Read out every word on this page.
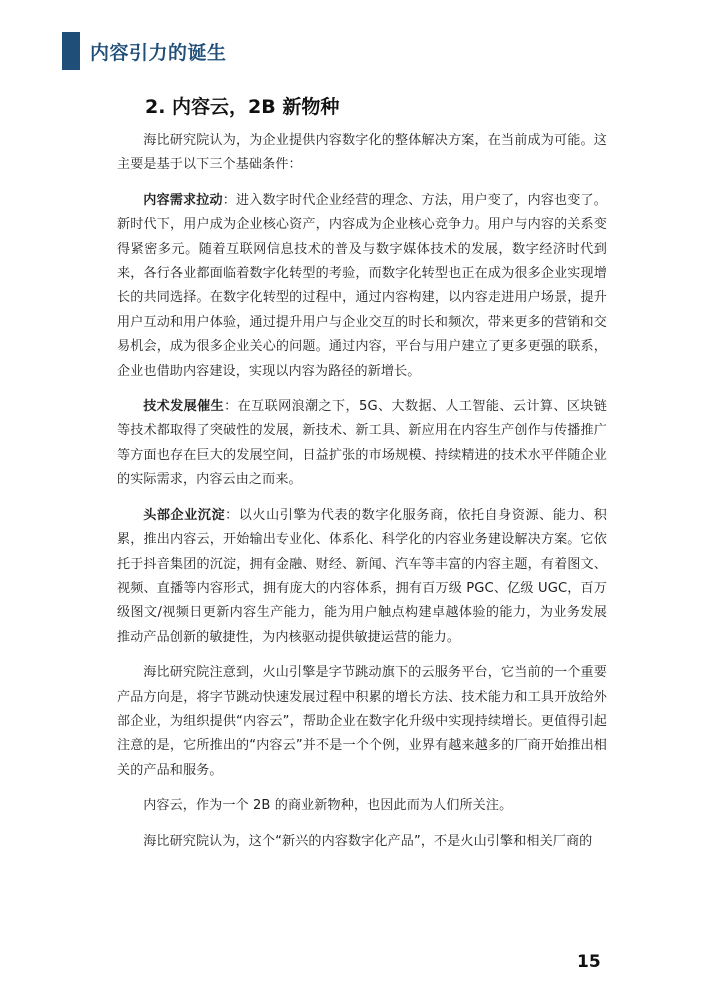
内容引力的诞生
2. 内容云，2B 新物种

海比研究院认为，为企业提供内容数字化的整体解决方案，在当前成为可能。这主要是基于以下三个基础条件：

内容需求拉动：进入数字时代企业经营的理念、方法，用户变了，内容也变了。新时代下，用户成为企业核心资产，内容成为企业核心竞争力。用户与内容的关系变得紧密多元。随着互联网信息技术的普及与数字媒体技术的发展，数字经济时代到来，各行各业都面临着数字化转型的考验，而数字化转型也正在成为很多企业实现增长的共同选择。在数字化转型的过程中，通过内容构建，以内容走进用户场景，提升用户互动和用户体验，通过提升用户与企业交互的时长和频次，带来更多的营销和交易机会，成为很多企业关心的问题。通过内容，平台与用户建立了更多更强的联系，企业也借助内容建设，实现以内容为路径的新增长。

技术发展催生：在互联网浪潮之下，5G、大数据、人工智能、云计算、区块链等技术都取得了突破性的发展，新技术、新工具、新应用在内容生产创作与传播推广等方面也存在巨大的发展空间，日益扩张的市场规模、持续精进的技术水平伴随企业的实际需求，内容云由之而来。

头部企业沉淀：以火山引擎为代表的数字化服务商，依托自身资源、能力、积累，推出内容云，开始输出专业化、体系化、科学化的内容业务建设解决方案。它依托于抖音集团的沉淀，拥有金融、财经、新闻、汽车等丰富的内容主题，有着图文、视频、直播等内容形式，拥有庞大的内容体系，拥有百万级 PGC、亿级 UGC，百万级图文/视频日更新内容生产能力，能为用户触点构建卓越体验的能力，为业务发展推动产品创新的敏捷性，为内核驱动提供敏捷运营的能力。

海比研究院注意到，火山引擎是字节跳动旗下的云服务平台，它当前的一个重要产品方向是，将字节跳动快速发展过程中积累的增长方法、技术能力和工具开放给外部企业，为组织提供“内容云”，帮助企业在数字化升级中实现持续增长。更值得引起注意的是，它所推出的“内容云”并不是一个个例，业界有越来越多的厂商开始推出相关的产品和服务。

内容云，作为一个 2B 的商业新物种，也因此而为人们所关注。

海比研究院认为，这个“新兴的内容数字化产品”，不是火山引擎和相关厂商的

15
